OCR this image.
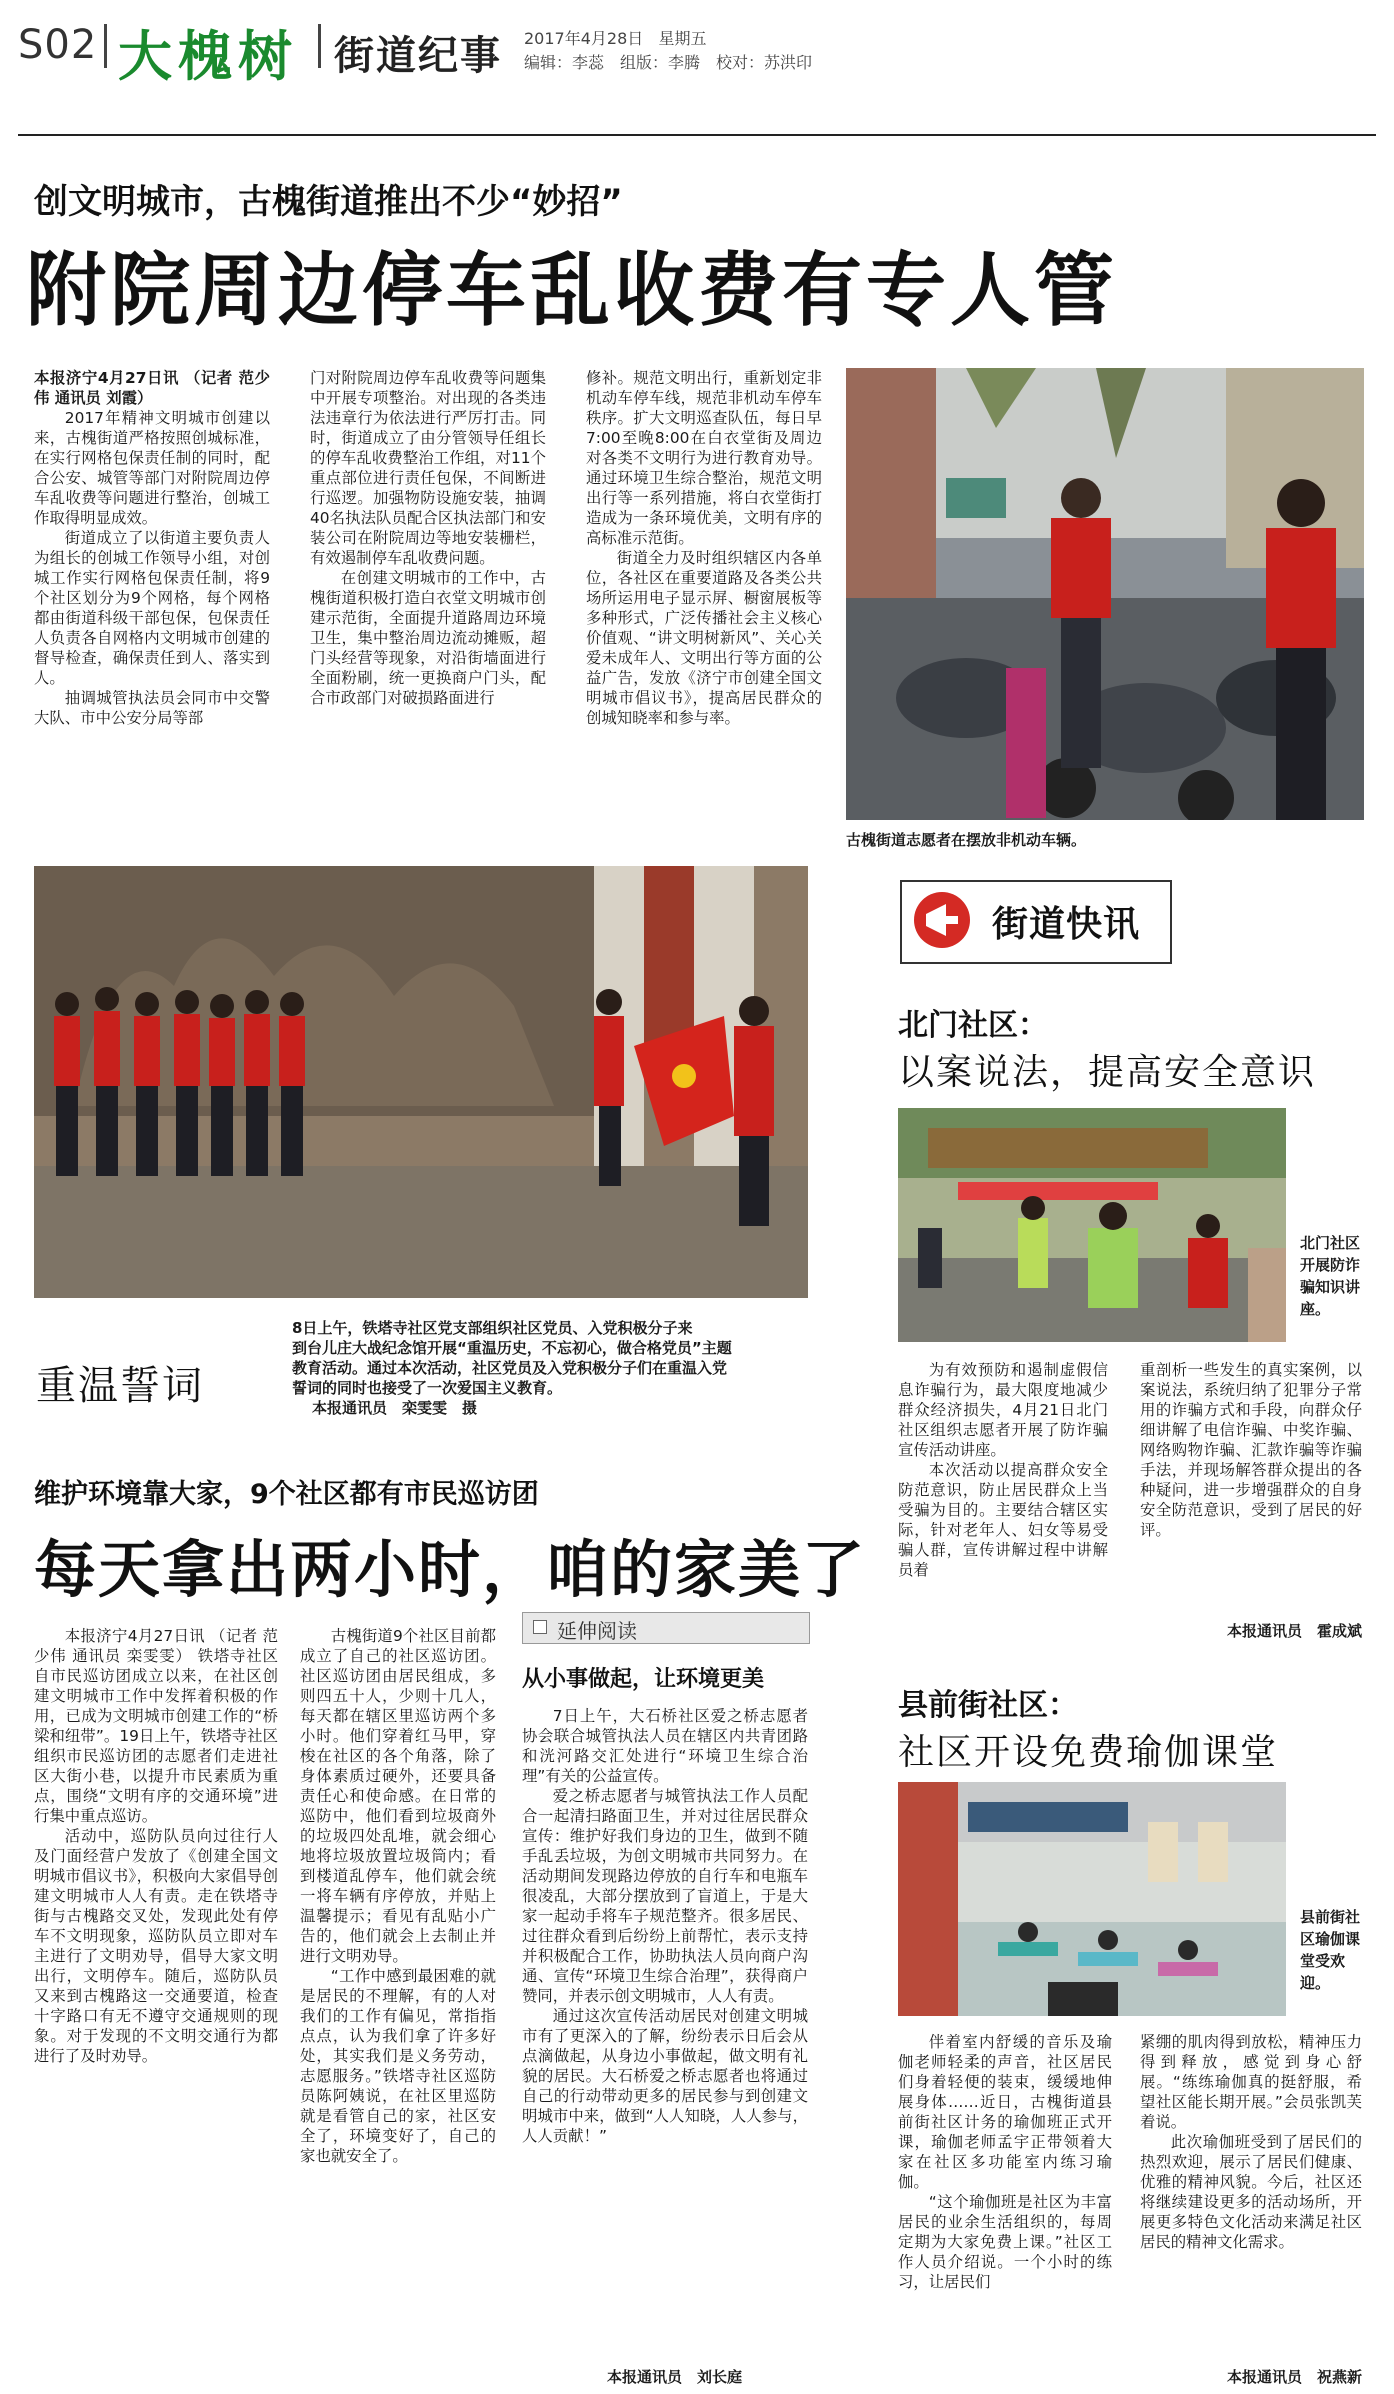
S02 大槐树 街道纪事 2017年4月28日 星期五
编辑：李蕊 组版：李腾 校对：苏洪印
创文明城市，古槐街道推出不少“妙招”
附院周边停车乱收费有专人管

本报济宁4月27日讯 （记者 范少伟 通讯员 刘霞）

2017年精神文明城市创建以来，古槐街道严格按照创城标准，在实行网格包保责任制的同时，配合公安、城管等部门对附院周边停车乱收费等问题进行整治，创城工作取得明显成效。

街道成立了以街道主要负责人为组长的创城工作领导小组，对创城工作实行网格包保责任制，将9个社区划分为9个网格，每个网格都由街道科级干部包保，包保责任人负责各自网格内文明城市创建的督导检查，确保责任到人、落实到人。

抽调城管执法员会同市中交警大队、市中公安分局等部

门对附院周边停车乱收费等问题集中开展专项整治。对出现的各类违法违章行为依法进行严厉打击。同时，街道成立了由分管领导任组长的停车乱收费整治工作组，对11个重点部位进行责任包保，不间断进行巡逻。加强物防设施安装，抽调40名执法队员配合区执法部门和安装公司在附院周边等地安装栅栏，有效遏制停车乱收费问题。

在创建文明城市的工作中，古槐街道积极打造白衣堂文明城市创建示范街，全面提升道路周边环境卫生，集中整治周边流动摊贩，超门头经营等现象，对沿街墙面进行全面粉刷，统一更换商户门头，配合市政部门对破损路面进行

修补。规范文明出行，重新划定非机动车停车线，规范非机动车停车秩序。扩大文明巡查队伍，每日早7:00至晚8:00在白衣堂街及周边对各类不文明行为进行教育劝导。通过环境卫生综合整治，规范文明出行等一系列措施，将白衣堂街打造成为一条环境优美，文明有序的高标准示范街。

街道全力及时组织辖区内各单位，各社区在重要道路及各类公共场所运用电子显示屏、橱窗展板等多种形式，广泛传播社会主义核心价值观、“讲文明树新风”、关心关爱未成年人、文明出行等方面的公益广告，发放《济宁市创建全国文明城市倡议书》，提高居民群众的创城知晓率和参与率。

古槐街道志愿者在摆放非机动车辆。
重温誓词
8日上午，铁塔寺社区党支部组织社区党员、入党积极分子来
到台儿庄大战纪念馆开展“重温历史，不忘初心，做合格党员”主题
教育活动。通过本次活动，社区党员及入党积极分子们在重温入党
誓词的同时也接受了一次爱国主义教育。
本报通讯员　栾雯雯　摄
维护环境靠大家，9个社区都有市民巡访团
每天拿出两小时，咱的家美了

本报济宁4月27日讯 （记者 范少伟 通讯员 栾雯雯） 铁塔寺社区自市民巡访团成立以来，在社区创建文明城市工作中发挥着积极的作用，已成为文明城市创建工作的“桥梁和纽带”。19日上午，铁塔寺社区组织市民巡访团的志愿者们走进社区大街小巷，以提升市民素质为重点，围绕“文明有序的交通环境”进行集中重点巡访。

活动中，巡防队员向过往行人及门面经营户发放了《创建全国文明城市倡议书》，积极向大家倡导创建文明城市人人有责。走在铁塔寺街与古槐路交叉处，发现此处有停车不文明现象，巡防队员立即对车主进行了文明劝导，倡导大家文明出行，文明停车。随后，巡防队员又来到古槐路这一交通要道，检查十字路口有无不遵守交通规则的现象。对于发现的不文明交通行为都进行了及时劝导。

古槐街道9个社区目前都成立了自己的社区巡访团。社区巡访团由居民组成，多则四五十人，少则十几人，每天都在辖区里巡访两个多小时。他们穿着红马甲，穿梭在社区的各个角落，除了身体素质过硬外，还要具备责任心和使命感。在日常的巡防中，他们看到垃圾商外的垃圾四处乱堆，就会细心地将垃圾放置垃圾筒内；看到楼道乱停车，他们就会统一将车辆有序停放，并贴上温馨提示；看见有乱贴小广告的，他们就会上去制止并进行文明劝导。

“工作中感到最困难的就是居民的不理解，有的人对我们的工作有偏见，常指指点点，认为我们拿了许多好处，其实我们是义务劳动，志愿服务。”铁塔寺社区巡防员陈阿姨说，在社区里巡防就是看管自己的家，社区安全了，环境变好了，自己的家也就安全了。

延伸阅读
从小事做起，让环境更美

7日上午，大石桥社区爱之桥志愿者协会联合城管执法人员在辖区内共青团路和洸河路交汇处进行“环境卫生综合治理”有关的公益宣传。

爱之桥志愿者与城管执法工作人员配合一起清扫路面卫生，并对过往居民群众宣传：维护好我们身边的卫生，做到不随手乱丢垃圾，为创文明城市共同努力。在活动期间发现路边停放的自行车和电瓶车很凌乱，大部分摆放到了盲道上，于是大家一起动手将车子规范整齐。很多居民、过往群众看到后纷纷上前帮忙，表示支持并积极配合工作，协助执法人员向商户沟通、宣传“环境卫生综合治理”，获得商户赞同，并表示创文明城市，人人有责。

通过这次宣传活动居民对创建文明城市有了更深入的了解，纷纷表示日后会从点滴做起，从身边小事做起，做文明有礼貌的居民。大石桥爱之桥志愿者也将通过自己的行动带动更多的居民参与到创建文明城市中来，做到“人人知晓，人人参与，人人贡献！”

本报通讯员　刘长庭
街道快讯
北门社区：
以案说法，提高安全意识
北门社区开展防诈骗知识讲座。

为有效预防和遏制虚假信息诈骗行为，最大限度地减少群众经济损失，4月21日北门社区组织志愿者开展了防诈骗宣传活动讲座。

本次活动以提高群众安全防范意识，防止居民群众上当受骗为目的。主要结合辖区实际，针对老年人、妇女等易受骗人群，宣传讲解过程中讲解员着

重剖析一些发生的真实案例，以案说法，系统归纳了犯罪分子常用的诈骗方式和手段，向群众仔细讲解了电信诈骗、中奖诈骗、网络购物诈骗、汇款诈骗等诈骗手法，并现场解答群众提出的各种疑问，进一步增强群众的自身安全防范意识，受到了居民的好评。

本报通讯员　霍成斌
县前街社区：
社区开设免费瑜伽课堂
县前街社区瑜伽课堂受欢迎。

伴着室内舒缓的音乐及瑜伽老师轻柔的声音，社区居民们身着轻便的装束，缓缓地伸展身体……近日，古槐街道县前街社区计务的瑜伽班正式开课，瑜伽老师孟宇正带领着大家在社区多功能室内练习瑜伽。

“这个瑜伽班是社区为丰富居民的业余生活组织的，每周定期为大家免费上课。”社区工作人员介绍说。一个小时的练习，让居民们

紧绷的肌肉得到放松，精神压力得到释放，感觉到身心舒展。“练练瑜伽真的挺舒服，希望社区能长期开展。”会员张凯芙着说。

此次瑜伽班受到了居民们的热烈欢迎，展示了居民们健康、优雅的精神风貌。今后，社区还将继续建设更多的活动场所，开展更多特色文化活动来满足社区居民的精神文化需求。

本报通讯员　祝燕新
